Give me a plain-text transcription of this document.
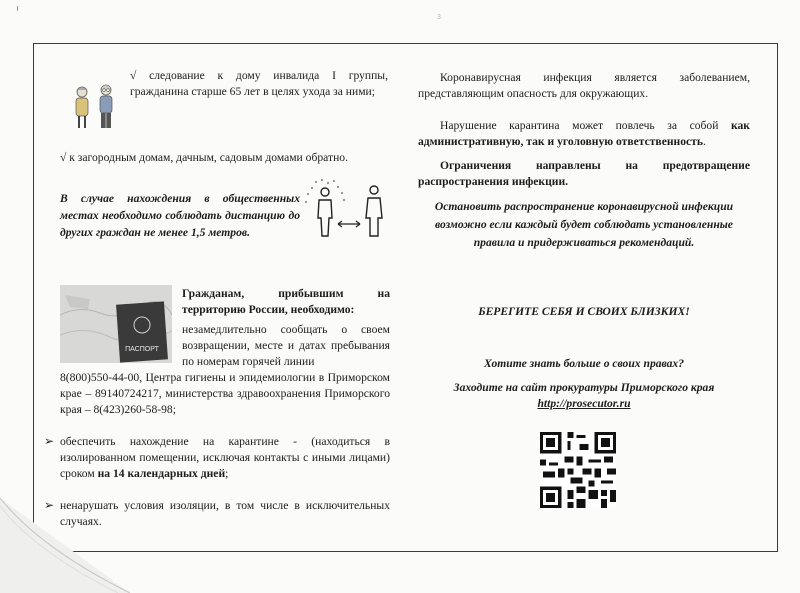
3

√ следование к дому инвалида I группы, гражданина старше 65 лет в целях ухода за ними;

√ к загородным домам, дачным, садовым домами обратно.

В случае нахождения в общественных местах необходимо соблюдать дистанцию до других граждан не менее 1,5 метров.

ПАСПОРТ

Гражданам, прибывшим на территорию России, необходимо:

незамедлительно сообщать о своем возвращении, месте и датах пребывания по номерам горячей линии

8(800)550-44-00, Центра гигиены и эпидемиологии в Приморском крае – 89140724217, министерства здравоохранения Приморского края – 8(423)260-58-98;

➢ обеспечить нахождение на карантине - (находиться в изолированном помещении, исключая контакты с иными лицами) сроком на 14 календарных дней;

➢ ненарушать условия изоляции, в том числе в исключительных случаях.

Коронавирусная инфекция является заболеванием, представляющим опасность для окружающих.

Нарушение карантина может повлечь за собой как административную, так и уголовную ответственность.

Ограничения направлены на предотвращение распространения инфекции.

Остановить распространение коронавирусной инфекции возможно если каждый будет соблюдать установленные правила и придерживаться рекомендаций.

БЕРЕГИТЕ СЕБЯ И СВОИХ БЛИЗКИХ!

Хотите знать больше о своих правах?

Заходите на сайт прокуратуры Приморского края

http://prosecutor.ru
